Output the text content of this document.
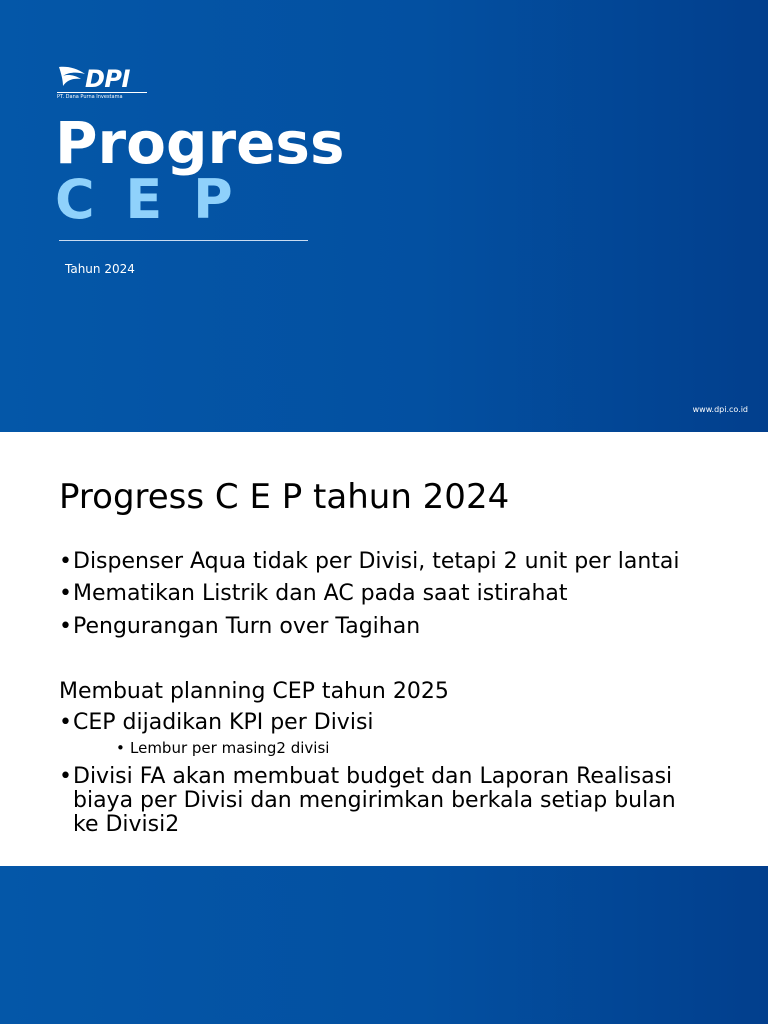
DPI
PT. Dana Purna Investama
Progress
C E P
Tahun 2024
www.dpi.co.id
Progress C E P tahun 2024
• Dispenser Aqua tidak per Divisi, tetapi 2 unit per lantai
• Mematikan Listrik dan AC pada saat istirahat
• Pengurangan Turn over Tagihan
Membuat planning CEP tahun 2025
• CEP dijadikan KPI per Divisi
• Lembur per masing2 divisi
• Divisi FA akan membuat budget dan Laporan Realisasi biaya per Divisi dan mengirimkan berkala setiap bulan ke Divisi2
